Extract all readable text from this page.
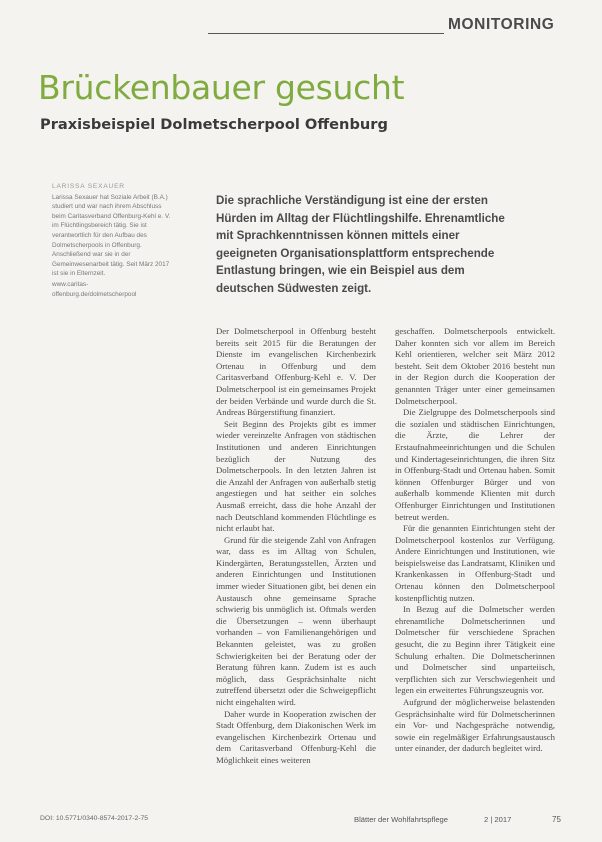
MONITORING
Brückenbauer gesucht
Praxisbeispiel Dolmetscherpool Offenburg
LARISSA SEXAUER
Larissa Sexauer hat Soziale Arbeit (B.A.) studiert und war nach ihrem Abschluss beim Caritasverband Offenburg-Kehl e. V. im Flüchtlingsbereich tätig. Sie ist verantwortlich für den Aufbau des Dolmetscherpools in Offenburg. Anschließend war sie in der Gemeinwesenarbeit tätig. Seit März 2017 ist sie in Elternzeit.
www.caritas-offenburg.de/dolmetscherpool

Die sprachliche Verständigung ist eine der ersten Hürden im Alltag der Flüchtlingshilfe. Ehrenamtliche mit Sprachkenntnissen können mittels einer geeigneten Organisationsplattform entsprechende Entlastung bringen, wie ein Beispiel aus dem deutschen Südwesten zeigt.

Der Dolmetscherpool in Offenburg besteht bereits seit 2015 für die Beratungen der Dienste im evangelischen Kirchenbezirk Ortenau in Offenburg und dem Caritasverband Offenburg-Kehl e. V. Der Dolmetscherpool ist ein gemeinsames Projekt der beiden Verbände und wurde durch die St. Andreas Bürgerstiftung finanziert.

Seit Beginn des Projekts gibt es immer wieder vereinzelte Anfragen von städtischen Institutionen und anderen Einrichtungen bezüglich der Nutzung des Dolmetscherpools. In den letzten Jahren ist die Anzahl der Anfragen von außerhalb stetig angestiegen und hat seither ein solches Ausmaß erreicht, dass die hohe Anzahl der nach Deutschland kommenden Flüchtlinge es nicht erlaubt hat.

Grund für die steigende Zahl von Anfragen war, dass es im Alltag von Schulen, Kindergärten, Beratungsstellen, Ärzten und anderen Einrichtungen und Institutionen immer wieder Situationen gibt, bei denen ein Austausch ohne gemeinsame Sprache schwierig bis unmöglich ist. Oftmals werden die Übersetzungen – wenn überhaupt vorhanden – von Familienangehörigen und Bekannten geleistet, was zu großen Schwierigkeiten bei der Beratung oder der Beratung führen kann. Zudem ist es auch möglich, dass Gesprächsinhalte nicht zutreffend übersetzt oder die Schweigepflicht nicht eingehalten wird.

Daher wurde in Kooperation zwischen der Stadt Offenburg, dem Diakonischen Werk im evangelischen Kirchenbezirk Ortenau und dem Caritasverband Offenburg-Kehl die Möglichkeit eines weiteren

geschaffen. Dolmetscherpools entwickelt. Daher konnten sich vor allem im Bereich Kehl orientieren, welcher seit März 2012 besteht. Seit dem Oktober 2016 besteht nun in der Region durch die Kooperation der genannten Träger unter einer gemeinsamen Dolmetscherpool.

Die Zielgruppe des Dolmetscherpools sind die sozialen und städtischen Einrichtungen, die Ärzte, die Lehrer der Erstaufnahmeeinrichtungen und die Schulen und Kindertageseinrichtungen, die ihren Sitz in Offenburg-Stadt und Ortenau haben. Somit können Offenburger Bürger und von außerhalb kommende Klienten mit durch Offenburger Einrichtungen und Institutionen betreut werden.

Für die genannten Einrichtungen steht der Dolmetscherpool kostenlos zur Verfügung. Andere Einrichtungen und Institutionen, wie beispielsweise das Landratsamt, Kliniken und Krankenkassen in Offenburg-Stadt und Ortenau können den Dolmetscherpool kostenpflichtig nutzen.

In Bezug auf die Dolmetscher werden ehrenamtliche Dolmetscherinnen und Dolmetscher für verschiedene Sprachen gesucht, die zu Beginn ihrer Tätigkeit eine Schulung erhalten. Die Dolmetscherinnen und Dolmetscher sind unparteiisch, verpflichten sich zur Verschwiegenheit und legen ein erweitertes Führungszeugnis vor.

Aufgrund der möglicherweise belastenden Gesprächsinhalte wird für Dolmetscherinnen ein Vor- und Nachgespräche notwendig, sowie ein regelmäßiger Erfahrungsaustausch unter einander, der dadurch begleitet wird.

DOI: 10.5771/0340-8574-2017-2-75	Blätter der Wohlfahrtspflege	2 | 2017	75
